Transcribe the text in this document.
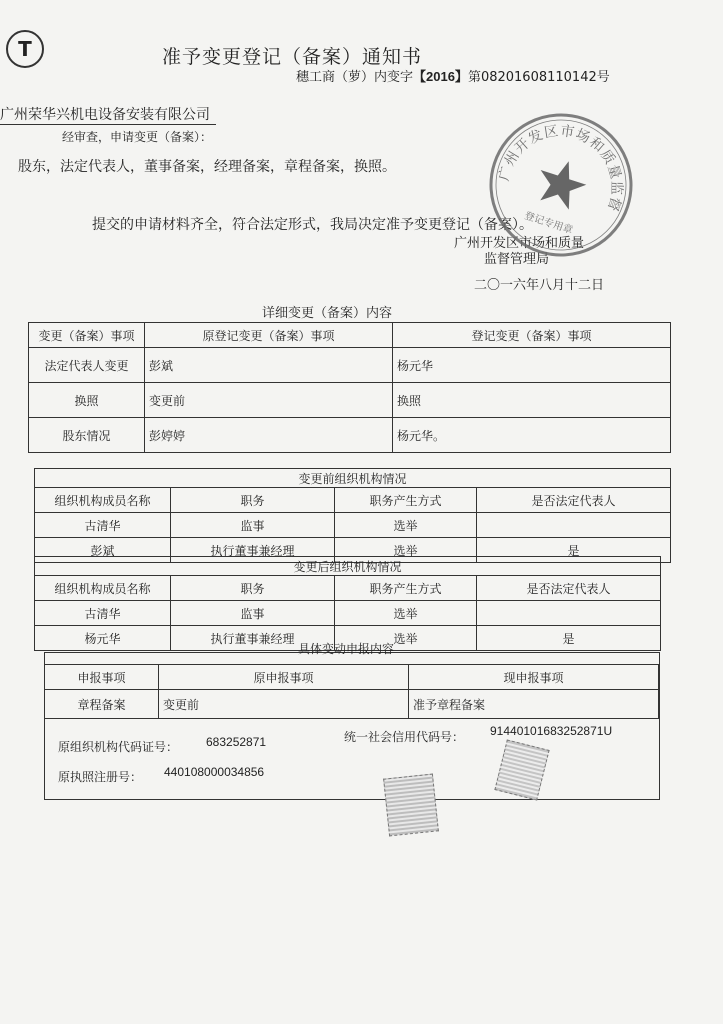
T	准予变更登记（备案）通知书
穗工商（萝）内变字【2016】第08201608110142号
广州荣华兴机电设备安装有限公司
经审查，申请变更（备案）：
股东，法定代表人，董事备案，经理备案，章程备案，换照。
提交的申请材料齐全，符合法定形式，我局决定准予变更登记（备案）。
广州开发区市场和质量
监督管理局
二〇一六年八月十二日
广州开发区市场和质量监督管理局
登记专用章
详细变更（备案）内容
变更（备案）事项	原登记变更（备案）事项	登记变更（备案）事项
法定代表人变更	彭斌	杨元华
换照	变更前	换照
股东情况	彭婷婷	杨元华。
变更前组织机构情况			
组织机构成员名称	职务	职务产生方式	是否法定代表人
古清华	监事	选举	
彭斌	执行董事兼经理	选举	是
变更后组织机构情况			
组织机构成员名称	职务	职务产生方式	是否法定代表人
古清华	监事	选举	
杨元华	执行董事兼经理	选举	是
具体变动申报内容
申报事项	原申报事项	现申报事项
章程备案	变更前	准予章程备案
原组织机构代码证号： 683252871	统一社会信用代码号： 91440101683252871U
原执照注册号： 440108000034856
